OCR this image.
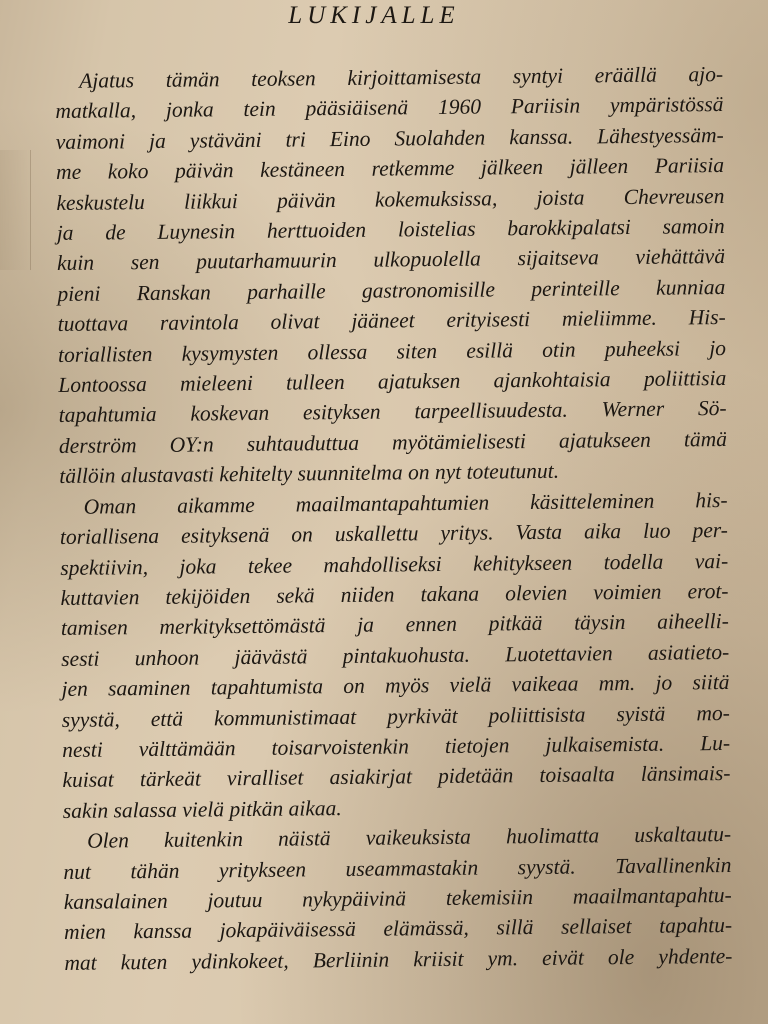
LUKIJALLE
Ajatus tämän teoksen kirjoittamisesta syntyi eräällä ajo-
matkalla, jonka tein pääsiäisenä 1960 Pariisin ympäristössä
vaimoni ja ystäväni tri Eino Suolahden kanssa. Lähestyessäm-
me koko päivän kestäneen retkemme jälkeen jälleen Pariisia
keskustelu liikkui päivän kokemuksissa, joista Chevreusen
ja de Luynesin herttuoiden loistelias barokkipalatsi samoin
kuin sen puutarhamuurin ulkopuolella sijaitseva viehättävä
pieni Ranskan parhaille gastronomisille perinteille kunniaa
tuottava ravintola olivat jääneet erityisesti mieliimme. His-
toriallisten kysymysten ollessa siten esillä otin puheeksi jo
Lontoossa mieleeni tulleen ajatuksen ajankohtaisia poliittisia
tapahtumia koskevan esityksen tarpeellisuudesta. Werner Sö-
derström OY:n suhtauduttua myötämielisesti ajatukseen tämä
tällöin alustavasti kehitelty suunnitelma on nyt toteutunut.
Oman aikamme maailmantapahtumien käsitteleminen his-
toriallisena esityksenä on uskallettu yritys. Vasta aika luo per-
spektiivin, joka tekee mahdolliseksi kehitykseen todella vai-
kuttavien tekijöiden sekä niiden takana olevien voimien erot-
tamisen merkityksettömästä ja ennen pitkää täysin aiheelli-
sesti unhoon jäävästä pintakuohusta. Luotettavien asiatieto-
jen saaminen tapahtumista on myös vielä vaikeaa mm. jo siitä
syystä, että kommunistimaat pyrkivät poliittisista syistä mo-
nesti välttämään toisarvoistenkin tietojen julkaisemista. Lu-
kuisat tärkeät viralliset asiakirjat pidetään toisaalta länsimais-
sakin salassa vielä pitkän aikaa.
Olen kuitenkin näistä vaikeuksista huolimatta uskaltautu-
nut tähän yritykseen useammastakin syystä. Tavallinenkin
kansalainen joutuu nykypäivinä tekemisiin maailmantapahtu-
mien kanssa jokapäiväisessä elämässä, sillä sellaiset tapahtu-
mat kuten ydinkokeet, Berliinin kriisit ym. eivät ole yhdente-
